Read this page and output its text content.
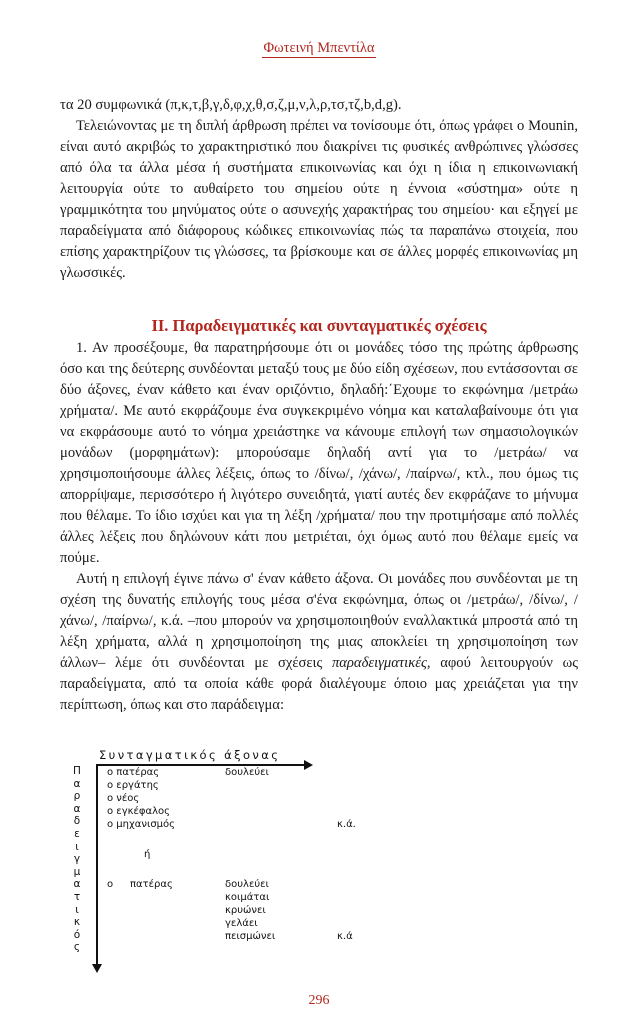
Φωτεινή Μπεντίλα

τα 20 συμφωνικά (π,κ,τ,β,γ,δ,φ,χ,θ,σ,ζ,μ,ν,λ,ρ,τσ,τζ,b,d,g).

Τελειώνοντας με τη διπλή άρθρωση πρέπει να τονίσουμε ότι, όπως γράφει ο Mounin, είναι αυτό ακριβώς το χαρακτηριστικό που διακρίνει τις φυσικές ανθρώπινες γλώσσες από όλα τα άλλα μέσα ή συστήματα επικοινωνίας και όχι η ίδια η επικοινωνιακή λειτουργία ούτε το αυθαίρετο του σημείου ούτε η έννοια «σύστημα» ούτε η γραμμικότητα του μηνύματος ούτε ο ασυνεχής χαρακτήρας του σημείου· και εξηγεί με παραδείγματα από διάφορους κώδικες επικοινωνίας πώς τα παραπάνω στοιχεία, που επίσης χαρακτηρίζουν τις γλώσσες, τα βρίσκουμε και σε άλλες μορφές επικοινωνίας μη γλωσσικές.

ΙΙ. Παραδειγματικές και συνταγματικές σχέσεις

1. Αν προσέξουμε, θα παρατηρήσουμε ότι οι μονάδες τόσο της πρώτης άρθρωσης όσο και της δεύτερης συνδέονται μεταξύ τους με δύο είδη σχέσεων, που εντάσσονται σε δύο άξονες, έναν κάθετο και έναν οριζόντιο, δηλαδή:΄Εχουμε το εκφώνημα /μετράω χρήματα/. Με αυτό εκφράζουμε ένα συγκεκριμένο νόημα και καταλαβαίνουμε ότι για να εκφράσουμε αυτό το νόημα χρειάστηκε να κάνουμε επιλογή των σημασιολογικών μονάδων (μορφημάτων): μπορούσαμε δηλαδή αντί για το /μετράω/ να χρησιμοποιήσουμε άλλες λέξεις, όπως το /δίνω/, /χάνω/, /παίρνω/, κτλ., που όμως τις απορρίψαμε, περισσότερο ή λιγότερο συνειδητά, γιατί αυτές δεν εκφράζανε το μήνυμα που θέλαμε. Το ίδιο ισχύει και για τη λέξη /χρήματα/ που την προτιμήσαμε από πολλές άλλες λέξεις που δηλώνουν κάτι που μετριέται, όχι όμως αυτό που θέλαμε εμείς να πούμε.

Αυτή η επιλογή έγινε πάνω σ' έναν κάθετο άξονα. Οι μονάδες που συνδέονται με τη σχέση της δυνατής επιλογής τους μέσα σ'ένα εκφώνημα, όπως οι /μετράω/, /δίνω/, /χάνω/, /παίρνω/, κ.ά. –που μπορούν να χρησιμοποιηθούν εναλλακτικά μπροστά από τη λέξη χρήματα, αλλά η χρησιμοποίηση της μιας αποκλείει τη χρησιμοποίηση των άλλων– λέμε ότι συνδέονται με σχέσεις παραδειγματικές, αφού λειτουργούν ως παραδείγματα, από τα οποία κάθε φορά διαλέγουμε όποιο μας χρειάζεται για την περίπτωση, όπως και στο παράδειγμα:

Συνταγματικός άξονας
Π
α
ρ
α
δ
ε
ι
γ
μ
α
τ
ι
κ
ό
ς
ο πατέρας
ο εργάτης
ο νέος
ο εγκέφαλος
ο μηχανισμός
δουλεύει
κ.ά.
ή
ο πατέρας	δουλεύει
κοιμάται
κρυώνει
γελάει
πεισμώνει	κ.ά
296
